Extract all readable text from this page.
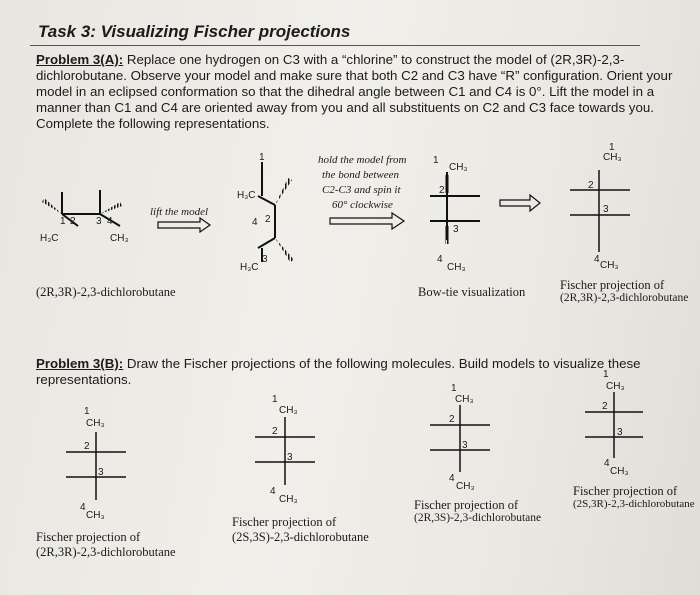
Task 3: Visualizing Fischer projections
Problem 3(A): Replace one hydrogen on C3 with a “chlorine” to construct the model of (2R,3R)-2,3-
dichlorobutane. Observe your model and make sure that both C2 and C3 have “R” configuration. Orient your
model in an eclipsed conformation so that the dihedral angle between C1 and C4 is 0°. Lift the model in a
manner than C1 and C4 are oriented away from you and all substituents on C2 and C3 face towards you.
Complete the following representations.
H₃C
1 2 3 4
CH₃
lift the model
1
H₃C
2
4
H₃C
3
hold the model from
the bond between
C2-C3 and spin it
60° clockwise
1
CH₃
2
3
4
CH₃
1
CH₃
2
3
4
CH₃
1
CH₃
2
3
4
CH₃
1
CH₃
2
3
4
CH₃
1
CH₃
2
3
4
CH₃
1
CH₃
2
3
4
CH₃
(2R,3R)-2,3-dichlorobutane	Bow-tie visualization	Fischer projection of
(2R,3R)-2,3-dichlorobutane
Problem 3(B): Draw the Fischer projections of the following molecules. Build models to visualize these
representations.
Fischer projection of
(2R,3R)-2,3-dichlorobutane
Fischer projection of
(2S,3S)-2,3-dichlorobutane
Fischer projection of
(2R,3S)-2,3-dichlorobutane
Fischer projection of
(2S,3R)-2,3-dichlorobutane
